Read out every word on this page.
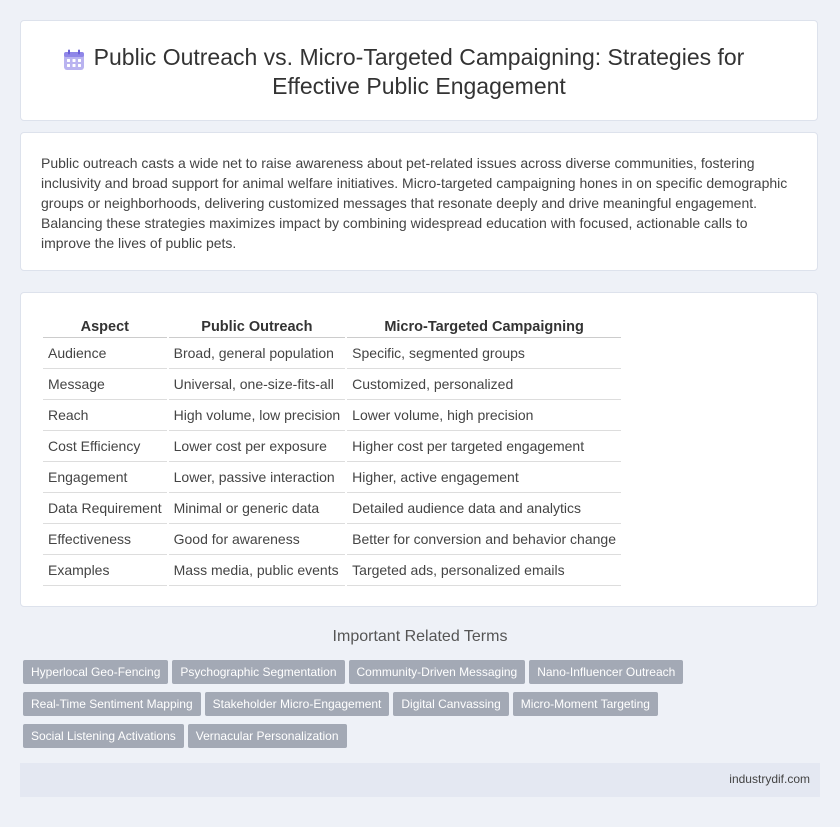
Public Outreach vs. Micro-Targeted Campaigning: Strategies for Effective Public Engagement

Public outreach casts a wide net to raise awareness about pet-related issues across diverse communities, fostering inclusivity and broad support for animal welfare initiatives. Micro-targeted campaigning hones in on specific demographic groups or neighborhoods, delivering customized messages that resonate deeply and drive meaningful engagement. Balancing these strategies maximizes impact by combining widespread education with focused, actionable calls to improve the lives of public pets.

Aspect	Public Outreach	Micro-Targeted Campaigning
Audience	Broad, general population	Specific, segmented groups
Message	Universal, one-size-fits-all	Customized, personalized
Reach	High volume, low precision	Lower volume, high precision
Cost Efficiency	Lower cost per exposure	Higher cost per targeted engagement
Engagement	Lower, passive interaction	Higher, active engagement
Data Requirement	Minimal or generic data	Detailed audience data and analytics
Effectiveness	Good for awareness	Better for conversion and behavior change
Examples	Mass media, public events	Targeted ads, personalized emails
Important Related Terms
Hyperlocal Geo-Fencing Psychographic Segmentation Community-Driven Messaging Nano-Influencer Outreach
Real-Time Sentiment Mapping Stakeholder Micro-Engagement Digital Canvassing Micro-Moment Targeting
Social Listening Activations Vernacular Personalization
industrydif.com
